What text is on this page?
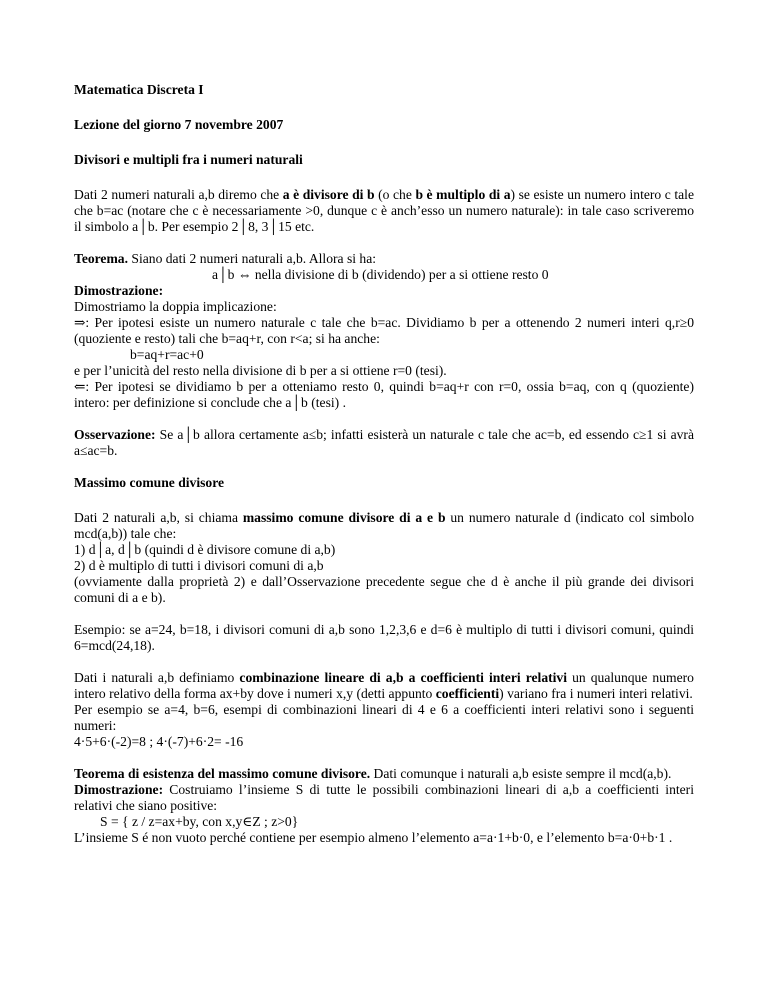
Matematica Discreta I
Lezione del giorno 7 novembre 2007
Divisori e multipli fra i numeri naturali
Dati 2 numeri naturali a,b diremo che a è divisore di b (o che b è multiplo di a) se esiste un numero intero c tale che b=ac (notare che c è necessariamente >0, dunque c è anch’esso un numero naturale): in tale caso scriveremo il simbolo a│b. Per esempio 2│8, 3│15 etc.
Teorema. Siano dati 2 numeri naturali a,b. Allora si ha:
a│b ⇔ nella divisione di b (dividendo) per a si ottiene resto 0
Dimostrazione:
Dimostriamo la doppia implicazione:
⇒: Per ipotesi esiste un numero naturale c tale che b=ac. Dividiamo b per a ottenendo 2 numeri interi q,r≥0 (quoziente e resto) tali che b=aq+r, con r<a; si ha anche:
b=aq+r=ac+0
e per l’unicità del resto nella divisione di b per a si ottiene r=0 (tesi).
⇐: Per ipotesi se dividiamo b per a otteniamo resto 0, quindi b=aq+r con r=0, ossia b=aq, con q (quoziente) intero: per definizione si conclude che a│b (tesi) .
Osservazione: Se a│b allora certamente a≤b; infatti esisterà un naturale c tale che ac=b, ed essendo c≥1 si avrà a≤ac=b.
Massimo comune divisore
Dati 2 naturali a,b, si chiama massimo comune divisore di a e b un numero naturale d (indicato col simbolo mcd(a,b)) tale che:
1) d│a, d│b (quindi d è divisore comune di a,b)
2) d è multiplo di tutti i divisori comuni di a,b
(ovviamente dalla proprietà 2) e dall’Osservazione precedente segue che d è anche il più grande dei divisori comuni di a e b).
Esempio: se a=24, b=18, i divisori comuni di a,b sono 1,2,3,6 e d=6 è multiplo di tutti i divisori comuni, quindi 6=mcd(24,18).
Dati i naturali a,b definiamo combinazione lineare di a,b a coefficienti interi relativi un qualunque numero intero relativo della forma ax+by dove i numeri x,y (detti appunto coefficienti) variano fra i numeri interi relativi.
Per esempio se a=4, b=6, esempi di combinazioni lineari di 4 e 6 a coefficienti interi relativi sono i seguenti numeri:
4·5+6·(-2)=8 ; 4·(-7)+6·2= -16
Teorema di esistenza del massimo comune divisore. Dati comunque i naturali a,b esiste sempre il mcd(a,b).
Dimostrazione: Costruiamo l’insieme S di tutte le possibili combinazioni lineari di a,b a coefficienti interi relativi che siano positive:
S = { z / z=ax+by, con x,y∈Z ; z>0}
L’insieme S é non vuoto perché contiene per esempio almeno l’elemento a=a·1+b·0, e l’elemento b=a·0+b·1 .
